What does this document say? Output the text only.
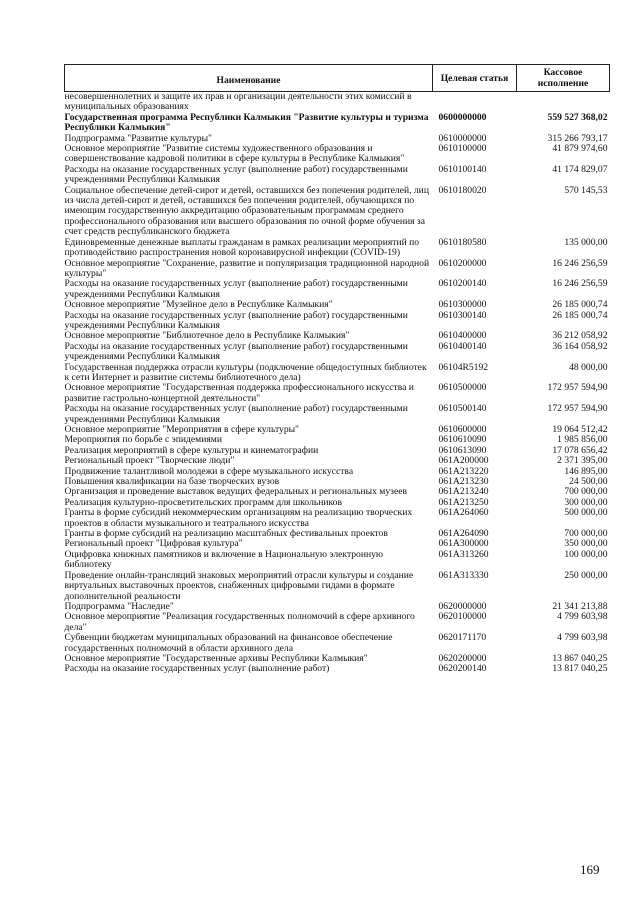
Наименование	Целевая статья	Кассовое исполнение
несовершеннолетних и защите их прав и организации деятельности этих комиссий в муниципальных образованиях		
Государственная программа Республики Калмыкия "Развитие культуры и туризма Республики Калмыкия"	0600000000	559 527 368,02
Подпрограмма "Развитие культуры"	0610000000	315 266 793,17
Основное мероприятие "Развитие системы художественного образования и совершенствование кадровой политики в сфере культуры в Республике Калмыкия"	0610100000	41 879 974,60
Расходы на оказание государственных услуг (выполнение работ) государственными учреждениями Республики Калмыкия	0610100140	41 174 829,07
Социальное обеспечение детей-сирот и детей, оставшихся без попечения родителей, лиц из числа детей-сирот и детей, оставшихся без попечения родителей, обучающихся по имеющим государственную аккредитацию образовательным программам среднего профессионального образования или высшего образования по очной форме обучения за счет средств республиканского бюджета	0610180020	570 145,53
Единовременные денежные выплаты гражданам в рамках реализации мероприятий по противодействию распространения новой коронавирусной инфекции (COVID-19)	0610180580	135 000,00
Основное мероприятие "Сохранение, развитие и популяризация традиционной народной культуры"	0610200000	16 246 256,59
Расходы на оказание государственных услуг (выполнение работ) государственными учреждениями Республики Калмыкия	0610200140	16 246 256,59
Основное мероприятие "Музейное дело в Республике Калмыкия"	0610300000	26 185 000,74
Расходы на оказание государственных услуг (выполнение работ) государственными учреждениями Республики Калмыкия	0610300140	26 185 000,74
Основное мероприятие "Библиотечное дело в Республике Калмыкия"	0610400000	36 212 058,92
Расходы на оказание государственных услуг (выполнение работ) государственными учреждениями Республики Калмыкия	0610400140	36 164 058,92
Государственная поддержка отрасли культуры (подключение общедоступных библиотек к сети Интернет и развитие системы библиотечного дела)	06104R5192	48 000,00
Основное мероприятие "Государственная поддержка профессионального искусства и развитие гастрольно-концертной деятельности"	0610500000	172 957 594,90
Расходы на оказание государственных услуг (выполнение работ) государственными учреждениями Республики Калмыкия	0610500140	172 957 594,90
Основное мероприятие "Мероприятия в сфере культуры"	0610600000	19 064 512,42
Мероприятия по борьбе с эпидемиями	0610610090	1 985 856,00
Реализация мероприятий в сфере культуры и кинематографии	0610613090	17 078 656,42
Региональный проект "Творческие люди"	061A200000	2 371 395,00
Продвижение талантливой молодежи в сфере музыкального искусства	061A213220	146 895,00
Повышения квалификации на базе творческих вузов	061A213230	24 500,00
Организация и проведение выставок ведущих федеральных и региональных музеев	061A213240	700 000,00
Реализация культурно-просветительских программ для школьников	061A213250	300 000,00
Гранты в форме субсидий некоммерческим организациям на реализацию творческих проектов в области музыкального и театрального искусства	061A264060	500 000,00
Гранты в форме субсидий на реализацию масштабных фестивальных проектов	061A264090	700 000,00
Региональный проект "Цифровая культура"	061A300000	350 000,00
Оцифровка книжных памятников и включение в Национальную электронную библиотеку	061A313260	100 000,00
Проведение онлайн-трансляций знаковых мероприятий отрасли культуры и создание виртуальных выставочных проектов, снабженных цифровыми гидами в формате дополнительной реальности	061A313330	250 000,00
Подпрограмма "Наследие"	0620000000	21 341 213,88
Основное мероприятие "Реализация государственных полномочий в сфере архивного дела"	0620100000	4 799 603,98
Субвенции бюджетам муниципальных образований на финансовое обеспечение государственных полномочий в области архивного дела	0620171170	4 799 603,98
Основное мероприятие "Государственные архивы Республики Калмыкия"	0620200000	13 867 040,25
Расходы на оказание государственных услуг (выполнение работ)	0620200140	13 817 040,25
169
